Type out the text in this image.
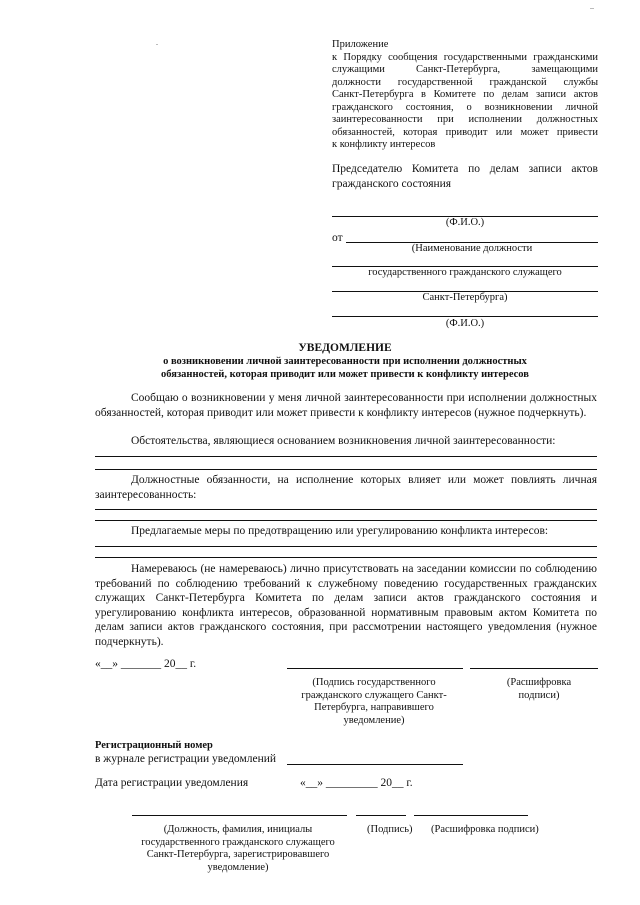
Приложение
к Порядку сообщения государственными гражданскими
служащими Санкт-Петербурга, замещающими
должности государственной гражданской службы
Санкт-Петербурга в Комитете по делам записи актов
гражданского состояния, о возникновении личной
заинтересованности при исполнении должностных
обязанностей, которая приводит или может привести
к конфликту интересов
Председателю Комитета по делам записи актов
гражданского состояния
(Ф.И.О.)
от
(Наименование должности
государственного гражданского служащего
Санкт-Петербурга)
(Ф.И.О.)
УВЕДОМЛЕНИЕ
о возникновении личной заинтересованности при исполнении должностных
обязанностей, которая приводит или может привести к конфликту интересов
Сообщаю о возникновении у меня личной заинтересованности при исполнении должностных обязанностей, которая приводит или может привести к конфликту интересов (нужное подчеркнуть).
Обстоятельства, являющиеся основанием возникновения личной заинтересованности:
Должностные обязанности, на исполнение которых влияет или может повлиять личная заинтересованность:
Предлагаемые меры по предотвращению или урегулированию конфликта интересов:
Намереваюсь (не намереваюсь) лично присутствовать на заседании комиссии по соблюдению требований по соблюдению требований к служебному поведению государственных гражданских служащих Санкт-Петербурга Комитета по делам записи актов гражданского состояния и урегулированию конфликта интересов, образованной нормативным правовым актом Комитета по делам записи актов гражданского состояния, при рассмотрении настоящего уведомления (нужное подчеркнуть).
«__» _______ 20__ г.
(Подпись государственного гражданского служащего Санкт-Петербурга, направившего уведомление)
(Расшифровка подписи)
Регистрационный номер
в журнале регистрации уведомлений
Дата регистрации уведомления	«__» _________ 20__ г.
(Должность, фамилия, инициалы государственного гражданского служащего Санкт-Петербурга, зарегистрировавшего уведомление)
(Подпись) (Расшифровка подписи)
